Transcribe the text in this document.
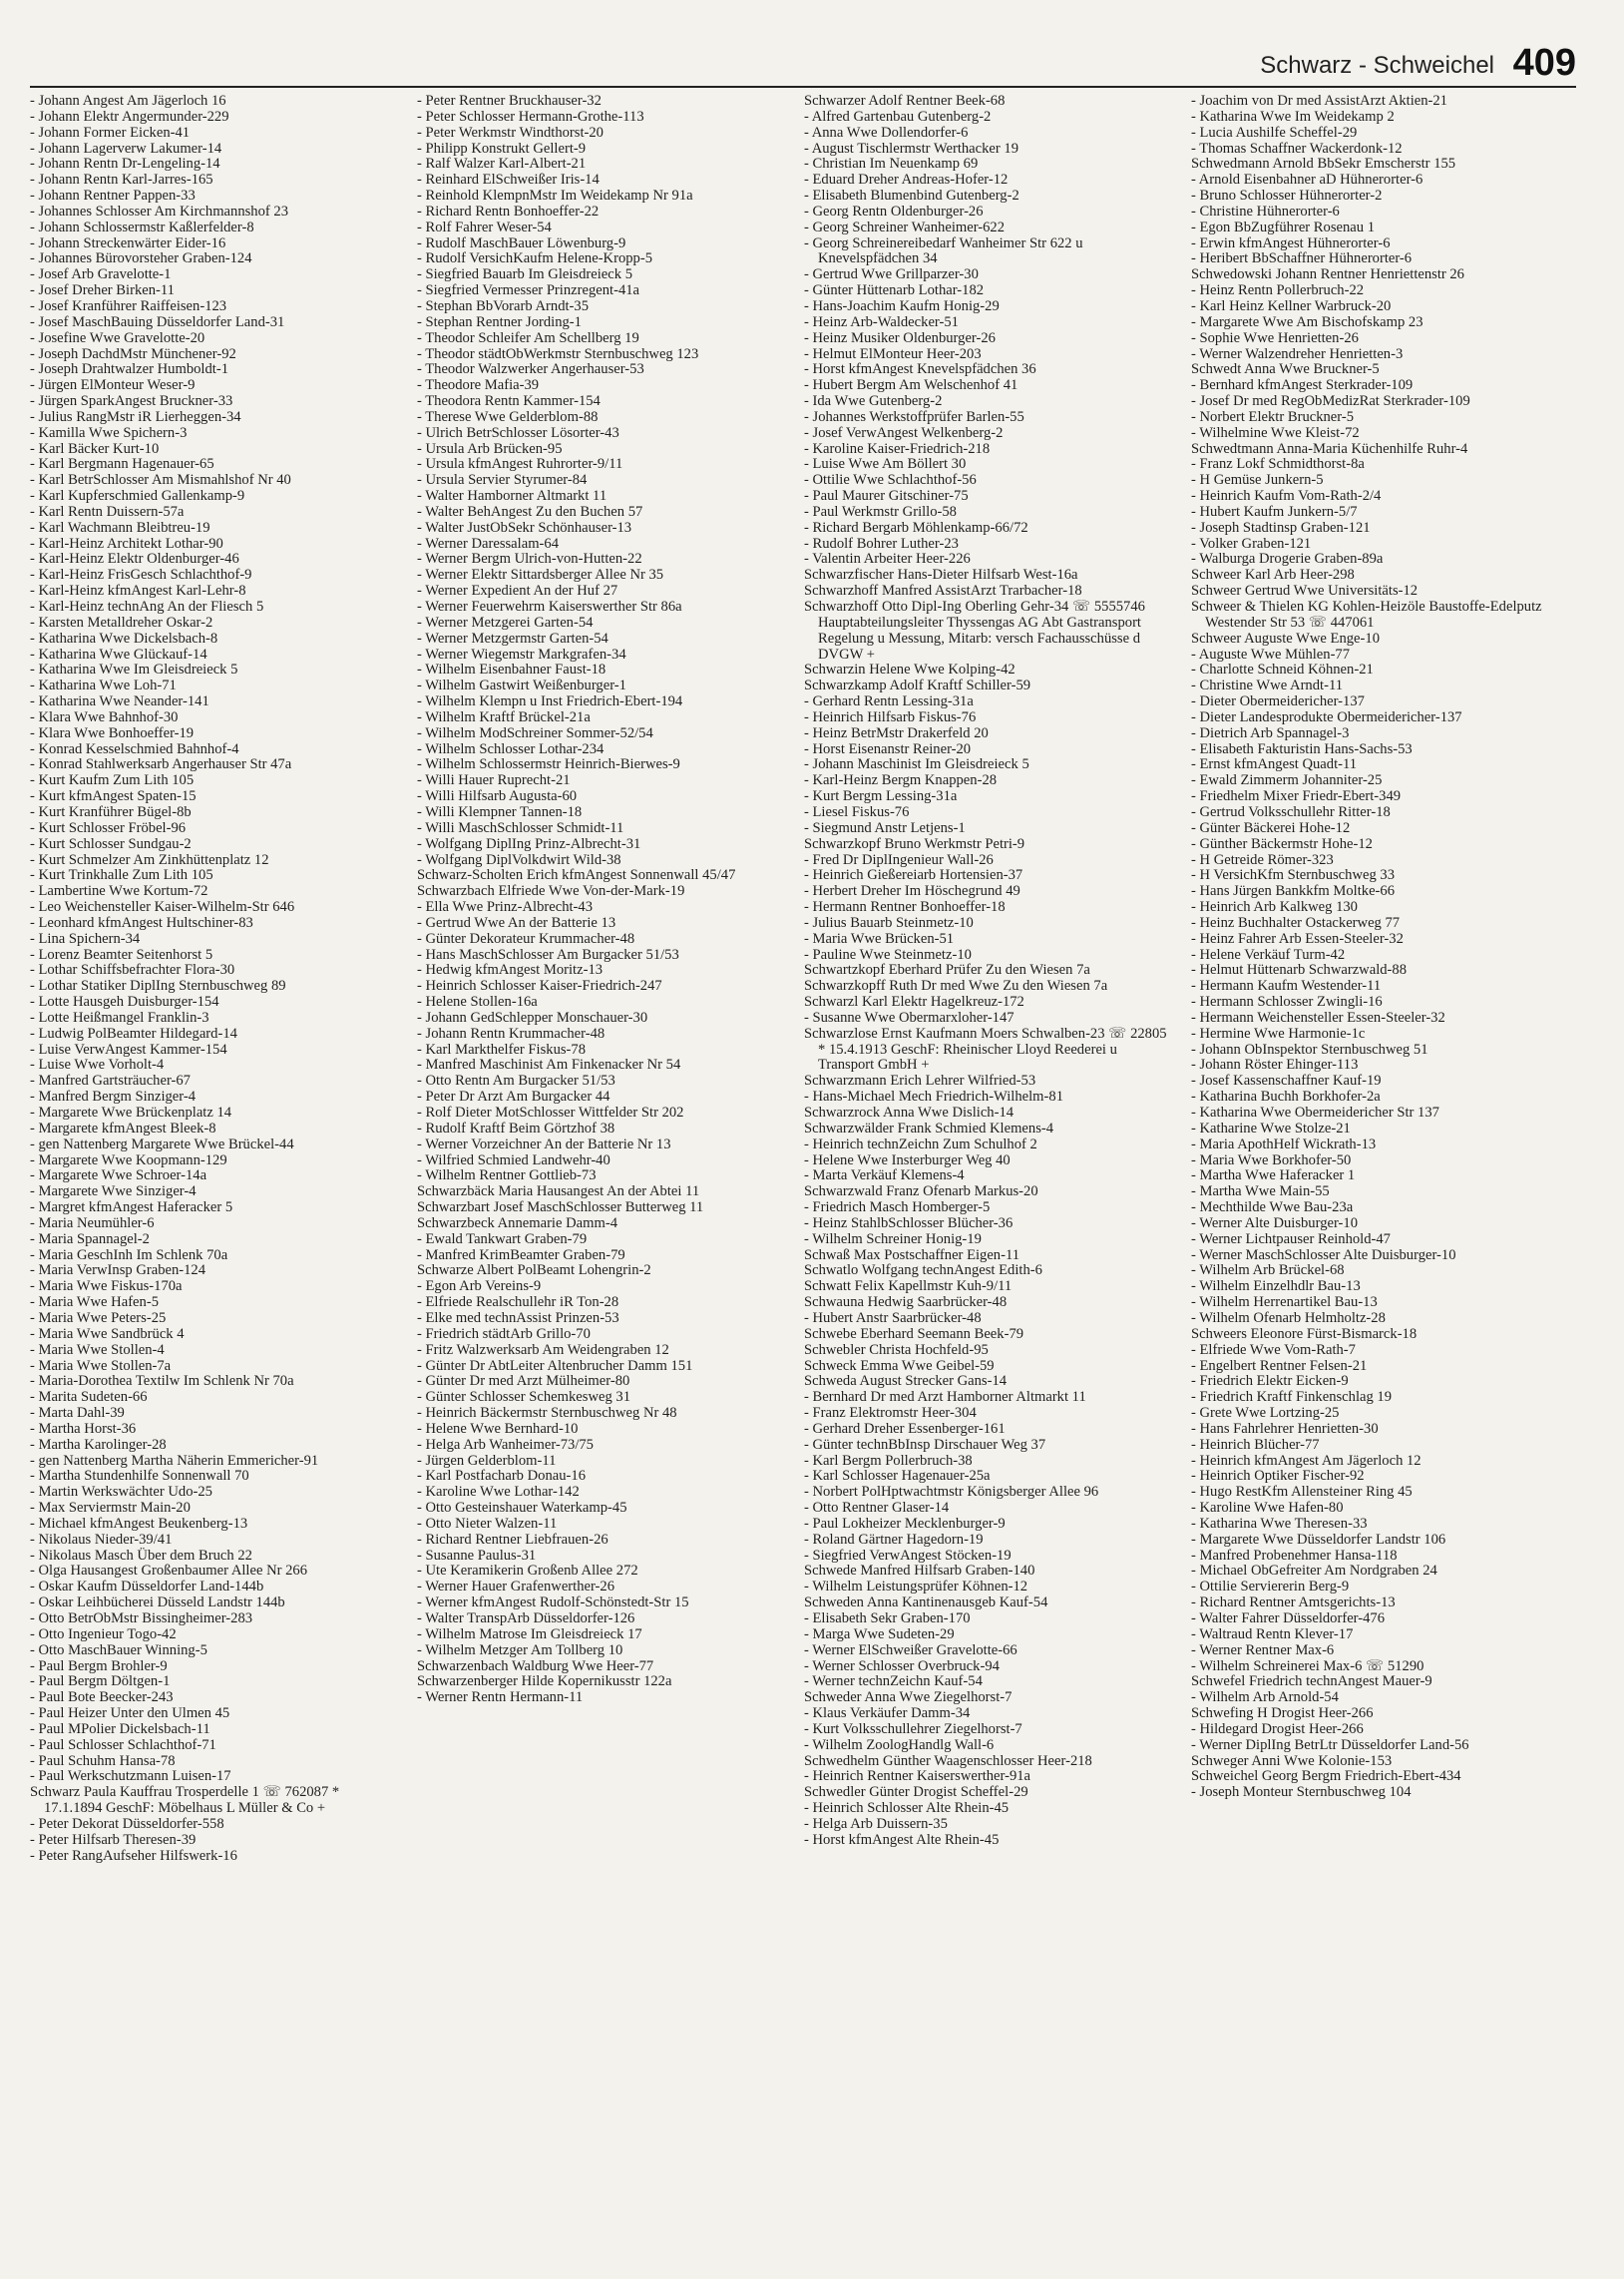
Schwarz - Schweichel 409
- Johann Angest Am Jägerloch 16
- Johann Elektr Angermunder-229
- Johann Former Eicken-41
- Johann Lagerverw Lakumer-14
- Johann Rentn Dr-Lengeling-14
- Johann Rentn Karl-Jarres-165
- Johann Rentner Pappen-33
- Johannes Schlosser Am Kirchmannshof 23
- Johann Schlossermstr Kaßlerfelder-8
- Johann Streckenwärter Eider-16
- Johannes Bürovorsteher Graben-124
- Josef Arb Gravelotte-1
- Josef Dreher Birken-11
- Josef Kranführer Raiffeisen-123
- Josef MaschBauing Düsseldorfer Land-31
- Josefine Wwe Gravelotte-20
- Joseph DachdMstr Münchener-92
- Joseph Drahtwalzer Humboldt-1
- Jürgen ElMonteur Weser-9
- Jürgen SparkAngest Bruckner-33
- Julius RangMstr iR Lierheggen-34
- Kamilla Wwe Spichern-3
- Karl Bäcker Kurt-10
- Karl Bergmann Hagenauer-65
- Karl BetrSchlosser Am Mismahlshof Nr 40
- Karl Kupferschmied Gallenkamp-9
- Karl Rentn Duissern-57a
- Karl Wachmann Bleibtreu-19
- Karl-Heinz Architekt Lothar-90
- Karl-Heinz Elektr Oldenburger-46
- Karl-Heinz FrisGesch Schlachthof-9
- Karl-Heinz kfmAngest Karl-Lehr-8
- Karl-Heinz technAng An der Fliesch 5
- Karsten Metalldreher Oskar-2
- Katharina Wwe Dickelsbach-8
- Katharina Wwe Glückauf-14
- Katharina Wwe Im Gleisdreieck 5
- Katharina Wwe Loh-71
- Katharina Wwe Neander-141
- Klara Wwe Bahnhof-30
- Klara Wwe Bonhoeffer-19
- Konrad Kesselschmied Bahnhof-4
- Konrad Stahlwerksarb Angerhauser Str 47a
- Kurt Kaufm Zum Lith 105
- Kurt kfmAngest Spaten-15
- Kurt Kranführer Bügel-8b
- Kurt Schlosser Fröbel-96
- Kurt Schlosser Sundgau-2
- Kurt Schmelzer Am Zinkhüttenplatz 12
- Kurt Trinkhalle Zum Lith 105
- Lambertine Wwe Kortum-72
- Leo Weichensteller Kaiser-Wilhelm-Str 646
- Leonhard kfmAngest Hultschiner-83
- Lina Spichern-34
- Lorenz Beamter Seitenhorst 5
- Lothar Schiffsbefrachter Flora-30
- Lothar Statiker DiplIng Sternbuschweg 89
- Lotte Hausgeh Duisburger-154
- Lotte Heißmangel Franklin-3
- Ludwig PolBeamter Hildegard-14
- Luise VerwAngest Kammer-154
- Luise Wwe Vorholt-4
- Manfred Gartsträucher-67
- Manfred Bergm Sinziger-4
- Margarete Wwe Brückenplatz 14
- Margarete kfmAngest Bleek-8
- gen Nattenberg Margarete Wwe Brückel-44
- Margarete Wwe Koopmann-129
- Margarete Wwe Schroer-14a
- Margarete Wwe Sinziger-4
- Margret kfmAngest Haferacker 5
- Maria Neumühler-6
- Maria Spannagel-2
- Maria GeschInh Im Schlenk 70a
- Maria VerwInsp Graben-124
- Maria Wwe Fiskus-170a
- Maria Wwe Hafen-5
- Maria Wwe Peters-25
- Maria Wwe Sandbrück 4
- Maria Wwe Stollen-4
- Maria Wwe Stollen-7a
- Maria-Dorothea Textilw Im Schlenk Nr 70a
- Marita Sudeten-66
- Marta Dahl-39
- Martha Horst-36
- Martha Karolinger-28
- gen Nattenberg Martha Näherin Emmericher-91
- Martha Stundenhilfe Sonnenwall 70
- Martin Werkswächter Udo-25
- Max Serviermstr Main-20
- Michael kfmAngest Beukenberg-13
- Nikolaus Nieder-39/41
- Nikolaus Masch Über dem Bruch 22
- Olga Hausangest Großenbaumer Allee Nr 266
- Oskar Kaufm Düsseldorfer Land-144b
- Oskar Leihbücherei Düsseld Landstr 144b
- Otto BetrObMstr Bissingheimer-283
- Otto Ingenieur Togo-42
- Otto MaschBauer Winning-5
- Paul Bergm Brohler-9
- Paul Bergm Döltgen-1
- Paul Bote Beecker-243
- Paul Heizer Unter den Ulmen 45
- Paul MPolier Dickelsbach-11
- Paul Schlosser Schlachthof-71
- Paul Schuhm Hansa-78
- Paul Werkschutzmann Luisen-17
Schwarz Paula Kauffrau Trosperdelle 1 ☏ 762087 * 17.1.1894 GeschF: Möbelhaus L Müller & Co +
- Peter Dekorat Düsseldorfer-558
- Peter Hilfsarb Theresen-39
- Peter RangAufseher Hilfswerk-16
- Peter Rentner Bruckhauser-32
- Peter Schlosser Hermann-Grothe-113
- Peter Werkmstr Windthorst-20
- Philipp Konstrukt Gellert-9
- Ralf Walzer Karl-Albert-21
- Reinhard ElSchweißer Iris-14
- Reinhold KlempnMstr Im Weidekamp Nr 91a
- Richard Rentn Bonhoeffer-22
- Rolf Fahrer Weser-54
- Rudolf MaschBauer Löwenburg-9
- Rudolf VersichKaufm Helene-Kropp-5
- Siegfried Bauarb Im Gleisdreieck 5
- Siegfried Vermesser Prinzregent-41a
- Stephan BbVorarb Arndt-35
- Stephan Rentner Jording-1
- Theodor Schleifer Am Schellberg 19
- Theodor städtObWerkmstr Sternbuschweg 123
- Theodor Walzwerker Angerhauser-53
- Theodore Mafia-39
- Theodora Rentn Kammer-154
- Therese Wwe Gelderblom-88
- Ulrich BetrSchlosser Lösorter-43
- Ursula Arb Brücken-95
- Ursula kfmAngest Ruhrorter-9/11
- Ursula Servier Styrumer-84
- Walter Hamborner Altmarkt 11
- Walter BehAngest Zu den Buchen 57
- Walter JustObSekr Schönhauser-13
- Werner Daressalam-64
- Werner Bergm Ulrich-von-Hutten-22
- Werner Elektr Sittardsberger Allee Nr 35
- Werner Expedient An der Huf 27
- Werner Feuerwehrm Kaiserswerther Str 86a
- Werner Metzgerei Garten-54
- Werner Metzgermstr Garten-54
- Werner Wiegemstr Markgrafen-34
- Wilhelm Eisenbahner Faust-18
- Wilhelm Gastwirt Weißenburger-1
- Wilhelm Klempn u Inst Friedrich-Ebert-194
- Wilhelm Kraftf Brückel-21a
- Wilhelm ModSchreiner Sommer-52/54
- Wilhelm Schlosser Lothar-234
- Wilhelm Schlossermstr Heinrich-Bierwes-9
- Willi Hauer Ruprecht-21
- Willi Hilfsarb Augusta-60
- Willi Klempner Tannen-18
- Willi MaschSchlosser Schmidt-11
- Wolfgang DiplIng Prinz-Albrecht-31
- Wolfgang DiplVolkdwirt Wild-38
Schwarz-Scholten Erich kfmAngest Sonnenwall 45/47
Schwarzbach Elfriede Wwe Von-der-Mark-19
- Ella Wwe Prinz-Albrecht-43
- Gertrud Wwe An der Batterie 13
- Günter Dekorateur Krummacher-48
- Hans MaschSchlosser Am Burgacker 51/53
- Hedwig kfmAngest Moritz-13
- Heinrich Schlosser Kaiser-Friedrich-247
- Helene Stollen-16a
- Johann GedSchlepper Monschauer-30
- Johann Rentn Krummacher-48
- Karl Markthelfer Fiskus-78
- Manfred Maschinist Am Finkenacker Nr 54
- Otto Rentn Am Burgacker 51/53
- Peter Dr Arzt Am Burgacker 44
- Rolf Dieter MotSchlosser Wittfelder Str 202
- Rudolf Kraftf Beim Görtzhof 38
- Werner Vorzeichner An der Batterie Nr 13
- Wilfried Schmied Landwehr-40
- Wilhelm Rentner Gottlieb-73
Schwarzbäck Maria Hausangest An der Abtei 11
Schwarzbart Josef MaschSchlosser Butterweg 11
Schwarzbeck Annemarie Damm-4
- Ewald Tankwart Graben-79
- Manfred KrimBeamter Graben-79
Schwarze Albert PolBeamt Lohengrin-2
- Egon Arb Vereins-9
- Elfriede Realschullehr iR Ton-28
- Elke med technAssist Prinzen-53
- Friedrich städtArb Grillo-70
- Fritz Walzwerksarb Am Weidengraben 12
- Günter Dr AbtLeiter Altenbrucher Damm 151
- Günter Dr med Arzt Mülheimer-80
- Günter Schlosser Schemkesweg 31
- Heinrich Bäckermstr Sternbuschweg Nr 48
- Helene Wwe Bernhard-10
- Helga Arb Wanheimer-73/75
- Jürgen Gelderblom-11
- Karl Postfacharb Donau-16
- Karoline Wwe Lothar-142
- Otto Gesteinshauer Waterkamp-45
- Otto Nieter Walzen-11
- Richard Rentner Liebfrauen-26
- Susanne Paulus-31
- Ute Keramikerin Großenb Allee 272
- Werner Hauer Grafenwerther-26
- Werner kfmAngest Rudolf-Schönstedt-Str 15
- Walter TranspArb Düsseldorfer-126
- Wilhelm Matrose Im Gleisdreieck 17
- Wilhelm Metzger Am Tollberg 10
Schwarzenbach Waldburg Wwe Heer-77
Schwarzenberger Hilde Kopernikusstr 122a
- Werner Rentn Hermann-11
Schwarzer Adolf Rentner Beek-68
- Alfred Gartenbau Gutenberg-2
- Anna Wwe Dollendorfer-6
- August Tischlermstr Werthacker 19
- Christian Im Neuenkamp 69
- Eduard Dreher Andreas-Hofer-12
- Elisabeth Blumenbind Gutenberg-2
- Georg Rentn Oldenburger-26
- Georg Schreiner Wanheimer-622
- Georg Schreinereibedarf Wanheimer Str 622 u Knevelspfädchen 34
- Gertrud Wwe Grillparzer-30
- Günter Hüttenarb Lothar-182
- Hans-Joachim Kaufm Honig-29
- Heinz Arb-Waldecker-51
- Heinz Musiker Oldenburger-26
- Helmut ElMonteur Heer-203
- Horst kfmAngest Knevelspfädchen 36
- Hubert Bergm Am Welschenhof 41
- Ida Wwe Gutenberg-2
- Johannes Werkstoffprüfer Barlen-55
- Josef VerwAngest Welkenberg-2
- Karoline Kaiser-Friedrich-218
- Luise Wwe Am Böllert 30
- Ottilie Wwe Schlachthof-56
- Paul Maurer Gitschiner-75
- Paul Werkmstr Grillo-58
- Richard Bergarb Möhlenkamp-66/72
- Rudolf Bohrer Luther-23
- Valentin Arbeiter Heer-226
Schwarzfischer Hans-Dieter Hilfsarb West-16a
Schwarzhoff Manfred AssistArzt Trarbacher-18
Schwarzhoff Otto Dipl-Ing Oberling Gehr-34 ☏ 5555746 Hauptabteilungsleiter Thyssengas AG Abt Gastransport Regelung u Messung, Mitarb: versch Fachausschüsse d DVGW +
Schwarzin Helene Wwe Kolping-42
Schwarzkamp Adolf Kraftf Schiller-59
- Gerhard Rentn Lessing-31a
- Heinrich Hilfsarb Fiskus-76
- Heinz BetrMstr Drakerfeld 20
- Horst Eisenanstr Reiner-20
- Johann Maschinist Im Gleisdreieck 5
- Karl-Heinz Bergm Knappen-28
- Kurt Bergm Lessing-31a
- Liesel Fiskus-76
- Siegmund Anstr Letjens-1
Schwarzkopf Bruno Werkmstr Petri-9
- Fred Dr DiplIngenieur Wall-26
- Heinrich Gießereiarb Hortensien-37
- Herbert Dreher Im Höschegrund 49
- Hermann Rentner Bonhoeffer-18
- Julius Bauarb Steinmetz-10
- Maria Wwe Brücken-51
- Pauline Wwe Steinmetz-10
Schwartzkopf Eberhard Prüfer Zu den Wiesen 7a
Schwarzkopff Ruth Dr med Wwe Zu den Wiesen 7a
Schwarzl Karl Elektr Hagelkreuz-172
- Susanne Wwe Obermarxloher-147
Schwarzlose Ernst Kaufmann Moers Schwalben-23 ☏ 22805 * 15.4.1913 GeschF: Rheinischer Lloyd Reederei u Transport GmbH +
Schwarzmann Erich Lehrer Wilfried-53
- Hans-Michael Mech Friedrich-Wilhelm-81
Schwarzrock Anna Wwe Dislich-14
Schwarzwälder Frank Schmied Klemens-4
- Heinrich technZeichn Zum Schulhof 2
- Helene Wwe Insterburger Weg 40
- Marta Verkäuf Klemens-4
Schwarzwald Franz Ofenarb Markus-20
- Friedrich Masch Homberger-5
- Heinz StahlbSchlosser Blücher-36
- Wilhelm Schreiner Honig-19
Schwaß Max Postschaffner Eigen-11
Schwatlo Wolfgang technAngest Edith-6
Schwatt Felix Kapellmstr Kuh-9/11
Schwauna Hedwig Saarbrücker-48
- Hubert Anstr Saarbrücker-48
Schwebe Eberhard Seemann Beek-79
Schwebler Christa Hochfeld-95
Schweck Emma Wwe Geibel-59
Schweda August Strecker Gans-14
- Bernhard Dr med Arzt Hamborner Altmarkt 11
- Franz Elektromstr Heer-304
- Gerhard Dreher Essenberger-161
- Günter technBbInsp Dirschauer Weg 37
- Karl Bergm Pollerbruch-38
- Karl Schlosser Hagenauer-25a
- Norbert PolHptwachtmstr Königsberger Allee 96
- Otto Rentner Glaser-14
- Paul Lokheizer Mecklenburger-9
- Roland Gärtner Hagedorn-19
- Siegfried VerwAngest Stöcken-19
Schwede Manfred Hilfsarb Graben-140
- Wilhelm Leistungsprüfer Köhnen-12
Schweden Anna Kantinenausgeb Kauf-54
- Elisabeth Sekr Graben-170
- Marga Wwe Sudeten-29
- Werner ElSchweißer Gravelotte-66
- Werner Schlosser Overbruck-94
- Werner technZeichn Kauf-54
Schweder Anna Wwe Ziegelhorst-7
- Klaus Verkäufer Damm-34
- Kurt Volksschullehrer Ziegelhorst-7
- Wilhelm ZoologHandlg Wall-6
Schwedhelm Günther Waagenschlosser Heer-218
- Heinrich Rentner Kaiserswerther-91a
Schwedler Günter Drogist Scheffel-29
- Heinrich Schlosser Alte Rhein-45
- Helga Arb Duissern-35
- Horst kfmAngest Alte Rhein-45
- Joachim von Dr med AssistArzt Aktien-21
- Katharina Wwe Im Weidekamp 2
- Lucia Aushilfe Scheffel-29
- Thomas Schaffner Wackerdonk-12
Schwedmann Arnold BbSekr Emscherstr 155
- Arnold Eisenbahner aD Hühnerorter-6
- Bruno Schlosser Hühnerorter-2
- Christine Hühnerorter-6
- Egon BbZugführer Rosenau 1
- Erwin kfmAngest Hühnerorter-6
- Heribert BbSchaffner Hühnerorter-6
Schwedowski Johann Rentner Henriettenstr 26
- Heinz Rentn Pollerbruch-22
- Karl Heinz Kellner Warbruck-20
- Margarete Wwe Am Bischofskamp 23
- Sophie Wwe Henrietten-26
- Werner Walzendreher Henrietten-3
Schwedt Anna Wwe Bruckner-5
- Bernhard kfmAngest Sterkrader-109
- Josef Dr med RegObMedizRat Sterkrader-109
- Norbert Elektr Bruckner-5
- Wilhelmine Wwe Kleist-72
Schwedtmann Anna-Maria Küchenhilfe Ruhr-4
- Franz Lokf Schmidthorst-8a
- H Gemüse Junkern-5
- Heinrich Kaufm Vom-Rath-2/4
- Hubert Kaufm Junkern-5/7
- Joseph Stadtinsp Graben-121
- Volker Graben-121
- Walburga Drogerie Graben-89a
Schweer Karl Arb Heer-298
Schweer Gertrud Wwe Universitäts-12
Schweer & Thielen KG Kohlen-Heizöle Baustoffe-Edelputz Westender Str 53 ☏ 447061
Schweer Auguste Wwe Enge-10
- Auguste Wwe Mühlen-77
- Charlotte Schneid Köhnen-21
- Christine Wwe Arndt-11
- Dieter Obermeidericher-137
- Dieter Landesprodukte Obermeidericher-137
- Dietrich Arb Spannagel-3
- Elisabeth Fakturistin Hans-Sachs-53
- Ernst kfmAngest Quadt-11
- Ewald Zimmerm Johanniter-25
- Friedhelm Mixer Friedr-Ebert-349
- Gertrud Volksschullehr Ritter-18
- Günter Bäckerei Hohe-12
- Günther Bäckermstr Hohe-12
- H Getreide Römer-323
- H VersichKfm Sternbuschweg 33
- Hans Jürgen Bankkfm Moltke-66
- Heinrich Arb Kalkweg 130
- Heinz Buchhalter Ostackerweg 77
- Heinz Fahrer Arb Essen-Steeler-32
- Helene Verkäuf Turm-42
- Helmut Hüttenarb Schwarzwald-88
- Hermann Kaufm Westender-11
- Hermann Schlosser Zwingli-16
- Hermann Weichensteller Essen-Steeler-32
- Hermine Wwe Harmonie-1c
- Johann ObInspektor Sternbuschweg 51
- Johann Röster Ehinger-113
- Josef Kassenschaffner Kauf-19
- Katharina Buchh Borkhofer-2a
- Katharina Wwe Obermeidericher Str 137
- Katharine Wwe Stolze-21
- Maria ApothHelf Wickrath-13
- Maria Wwe Borkhofer-50
- Martha Wwe Haferacker 1
- Martha Wwe Main-55
- Mechthilde Wwe Bau-23a
- Werner Alte Duisburger-10
- Werner Lichtpauser Reinhold-47
- Werner MaschSchlosser Alte Duisburger-10
- Wilhelm Arb Brückel-68
- Wilhelm Einzelhdlr Bau-13
- Wilhelm Herrenartikel Bau-13
- Wilhelm Ofenarb Helmholtz-28
Schweers Eleonore Fürst-Bismarck-18
- Elfriede Wwe Vom-Rath-7
- Engelbert Rentner Felsen-21
- Friedrich Elektr Eicken-9
- Friedrich Kraftf Finkenschlag 19
- Grete Wwe Lortzing-25
- Hans Fahrlehrer Henrietten-30
- Heinrich Blücher-77
- Heinrich kfmAngest Am Jägerloch 12
- Heinrich Optiker Fischer-92
- Hugo RestKfm Allensteiner Ring 45
- Karoline Wwe Hafen-80
- Katharina Wwe Theresen-33
- Margarete Wwe Düsseldorfer Landstr 106
- Manfred Probenehmer Hansa-118
- Michael ObGefreiter Am Nordgraben 24
- Ottilie Serviererin Berg-9
- Richard Rentner Amtsgerichts-13
- Walter Fahrer Düsseldorfer-476
- Waltraud Rentn Klever-17
- Werner Rentner Max-6
- Wilhelm Schreinerei Max-6 ☏ 51290
Schwefel Friedrich technAngest Mauer-9
- Wilhelm Arb Arnold-54
Schwefing H Drogist Heer-266
- Hildegard Drogist Heer-266
- Werner DiplIng BetrLtr Düsseldorfer Land-56
Schweger Anni Wwe Kolonie-153
Schweichel Georg Bergm Friedrich-Ebert-434
- Joseph Monteur Sternbuschweg 104
